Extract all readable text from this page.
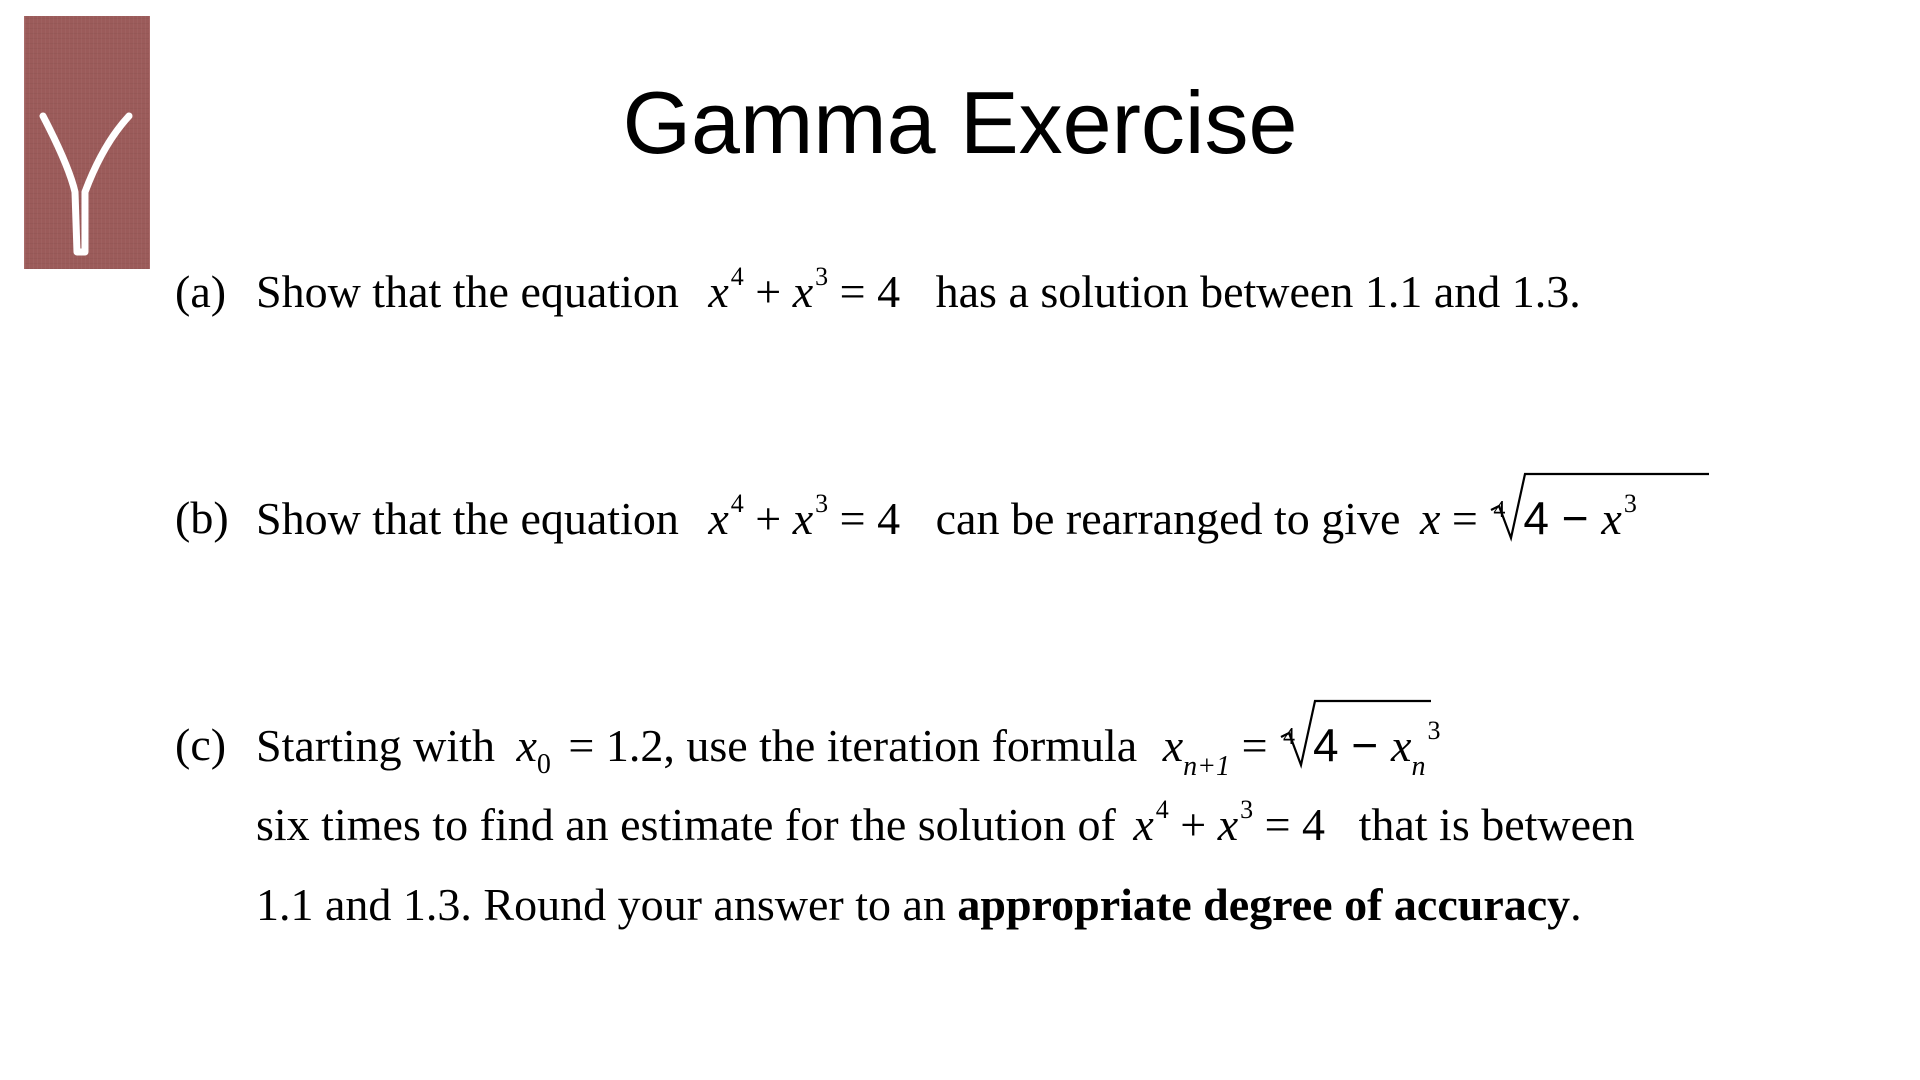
Gamma Exercise
(a) Show that the equation $x^4 + x^3 = 4$ has a solution between 1.1 and 1.3.
(b) Show that the equation $x^4 + x^3 = 4$ can be rearranged to give x = 4 $4 - x^3$
(c) Starting with $x_0 = 1.2$, use the iteration formula $x_{n+1} = 4$ $4 - x_n^3$
six times to find an estimate for the solution of $x^4 + x^3 = 4$ that is between
1.1 and 1.3. Round your answer to an appropriate degree of accuracy.
